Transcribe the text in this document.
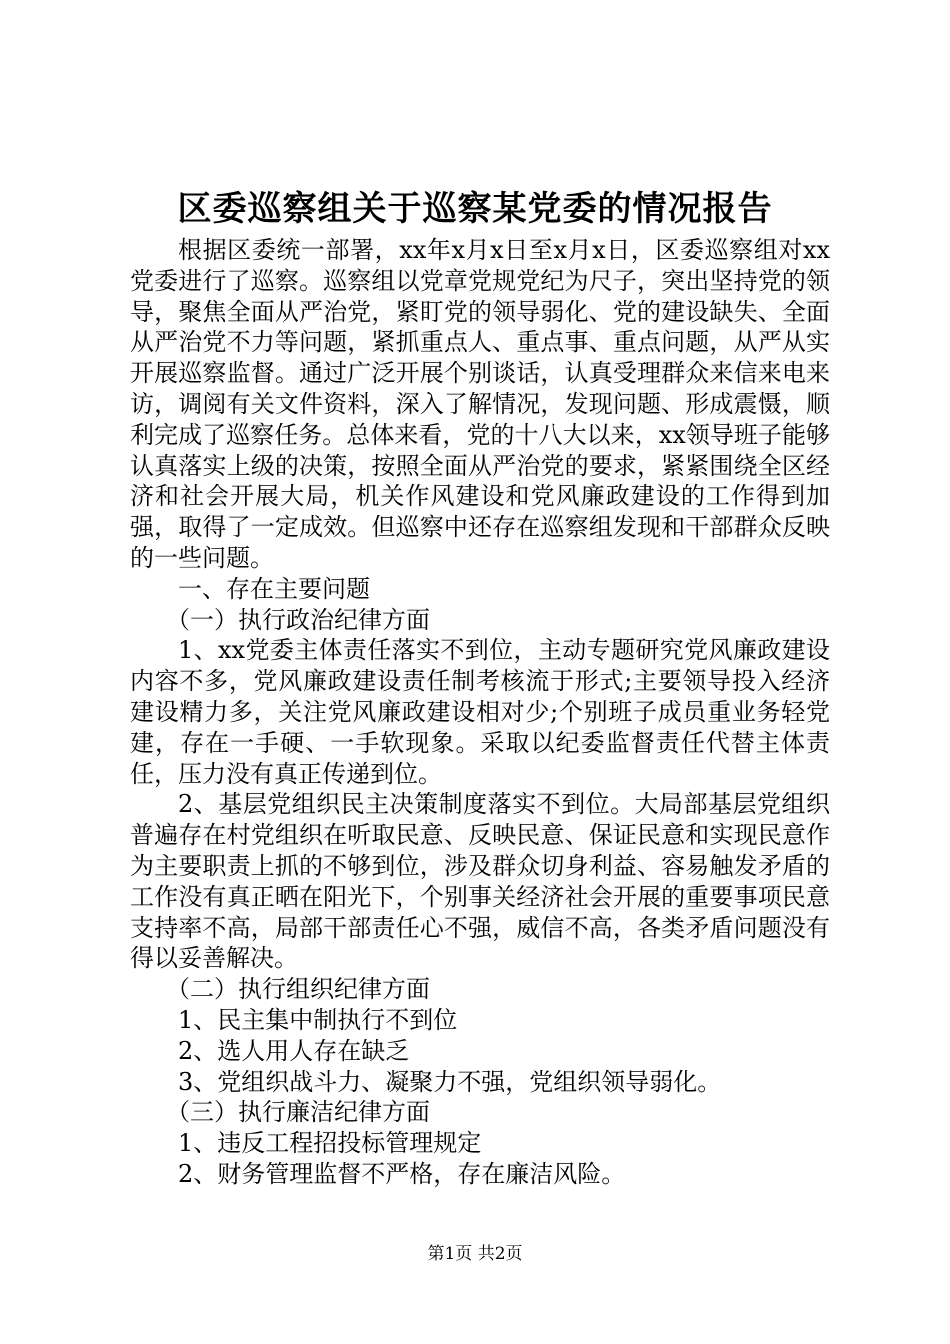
区委巡察组关于巡察某党委的情况报告

根据区委统一部署，xx年x月x日至x月x日，区委巡察组对xx党委进行了巡察。巡察组以党章党规党纪为尺子，突出坚持党的领导，聚焦全面从严治党，紧盯党的领导弱化、党的建设缺失、全面从严治党不力等问题，紧抓重点人、重点事、重点问题，从严从实开展巡察监督。通过广泛开展个别谈话，认真受理群众来信来电来访，调阅有关文件资料，深入了解情况，发现问题、形成震慑，顺利完成了巡察任务。总体来看，党的十八大以来，xx领导班子能够认真落实上级的决策，按照全面从严治党的要求，紧紧围绕全区经济和社会开展大局，机关作风建设和党风廉政建设的工作得到加强，取得了一定成效。但巡察中还存在巡察组发现和干部群众反映的一些问题。

一、存在主要问题

（一）执行政治纪律方面

1、xx党委主体责任落实不到位，主动专题研究党风廉政建设内容不多，党风廉政建设责任制考核流于形式;主要领导投入经济建设精力多，关注党风廉政建设相对少;个别班子成员重业务轻党建，存在一手硬、一手软现象。采取以纪委监督责任代替主体责任，压力没有真正传递到位。

2、基层党组织民主决策制度落实不到位。大局部基层党组织普遍存在村党组织在听取民意、反映民意、保证民意和实现民意作为主要职责上抓的不够到位，涉及群众切身利益、容易触发矛盾的工作没有真正晒在阳光下，个别事关经济社会开展的重要事项民意支持率不高，局部干部责任心不强，威信不高，各类矛盾问题没有得以妥善解决。

（二）执行组织纪律方面

1、民主集中制执行不到位

2、选人用人存在缺乏

3、党组织战斗力、凝聚力不强，党组织领导弱化。

（三）执行廉洁纪律方面

1、违反工程招投标管理规定

2、财务管理监督不严格，存在廉洁风险。

第1页 共2页
